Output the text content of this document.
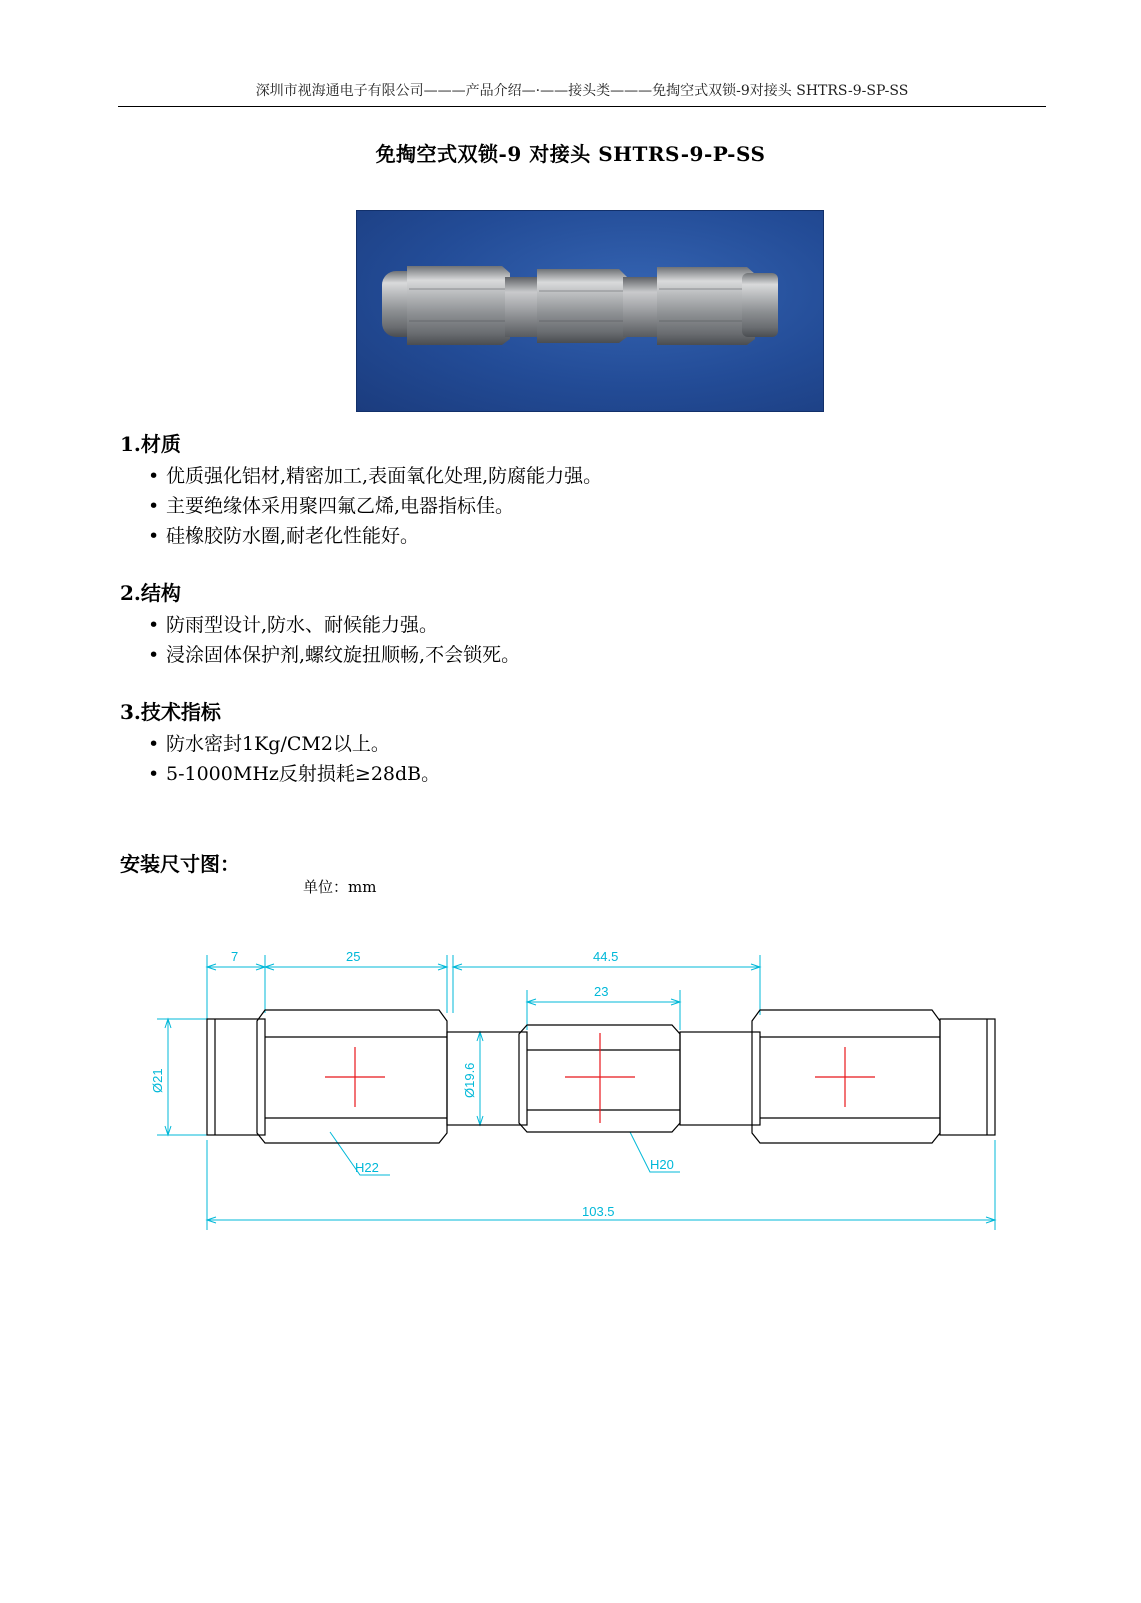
深圳市视海通电子有限公司———产品介绍—·——接头类———免掏空式双锁-9对接头 SHTRS-9-SP-SS
免掏空式双锁-9 对接头 SHTRS-9-P-SS
1.材质
• 优质强化铝材,精密加工,表面氧化处理,防腐能力强。
• 主要绝缘体采用聚四氟乙烯,电器指标佳。
• 硅橡胶防水圈,耐老化性能好。
2.结构
• 防雨型设计,防水、耐候能力强。
• 浸涂固体保护剂,螺纹旋扭顺畅,不会锁死。
3.技术指标
• 防水密封1Kg/CM2以上。
• 5-1000MHz反射损耗≥28dB。
安装尺寸图：
单位：mm
7	25	44.5
23
Ø21	Ø19.6
H22	H20
103.5
